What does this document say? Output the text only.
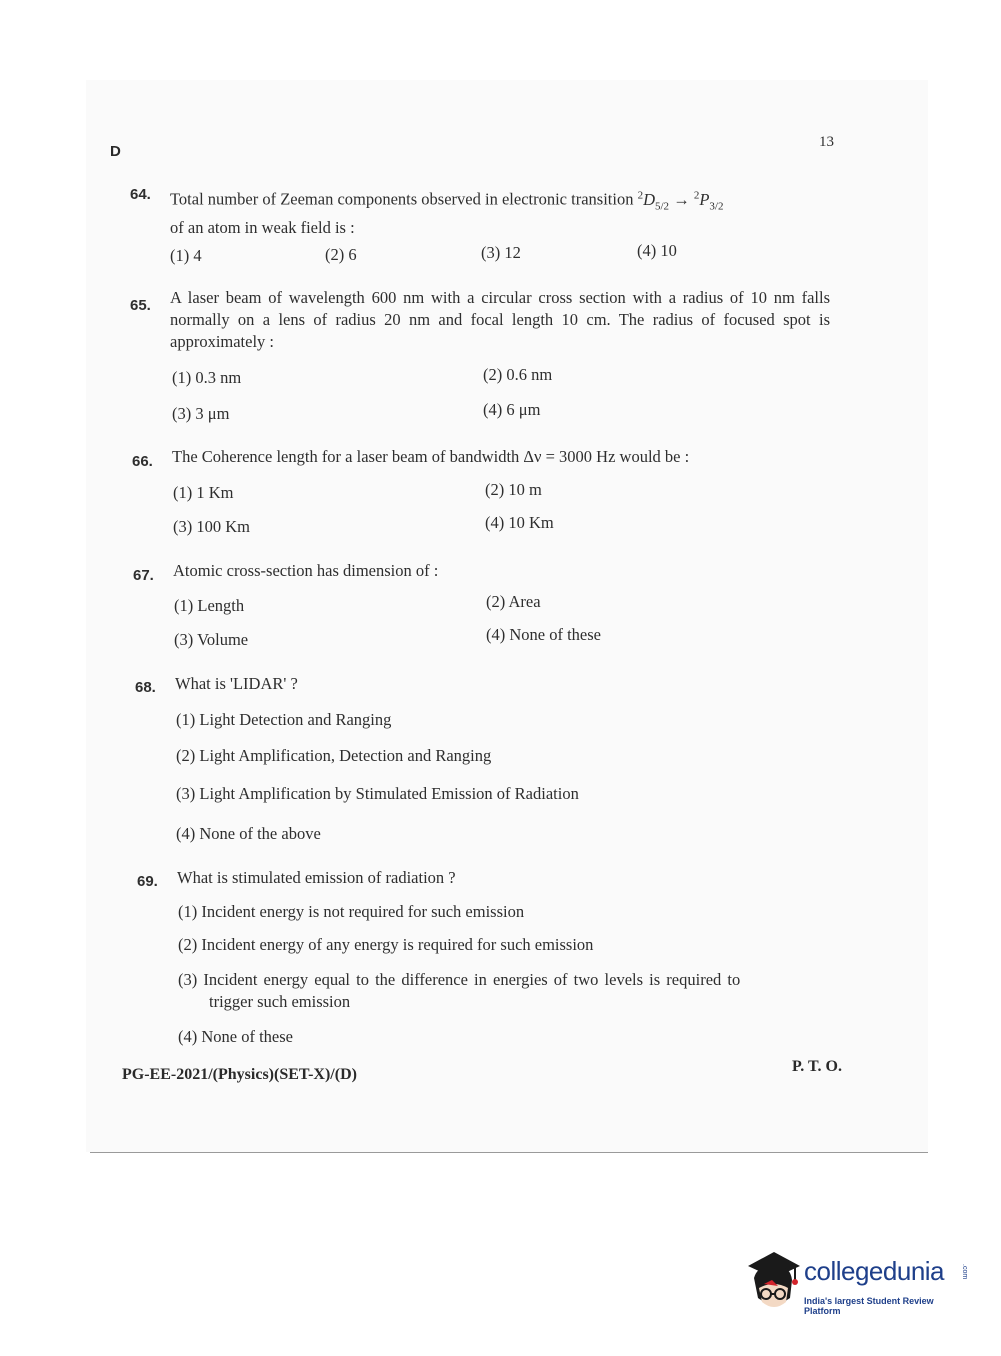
D
13
64. Total number of Zeeman components observed in electronic transition $^2D_{5/2} \to ^2P_{3/2}$
of an atom in weak field is :
(1) 4	(2) 6	(3) 12	(4) 10
65. A laser beam of wavelength 600 nm with a circular cross section with a radius of 10 nm falls normally on a lens of radius 20 nm and focal length 10 cm. The radius of focused spot is approximately :
(1) 0.3 nm	(2) 0.6 nm
(3) 3 μm	(4) 6 μm
66. The Coherence length for a laser beam of bandwidth Δν = 3000 Hz would be :
(1) 1 Km	(2) 10 m
(3) 100 Km	(4) 10 Km
67. Atomic cross-section has dimension of :
(1) Length	(2) Area
(3) Volume	(4) None of these
68. What is 'LIDAR' ?
(1) Light Detection and Ranging
(2) Light Amplification, Detection and Ranging
(3) Light Amplification by Stimulated Emission of Radiation
(4) None of the above
69. What is stimulated emission of radiation ?
(1) Incident energy is not required for such emission
(2) Incident energy of any energy is required for such emission
(3) Incident energy equal to the difference in energies of two levels is required to
trigger such emission
(4) None of these
PG-EE-2021/(Physics)(SET-X)/(D)	P. T. O.
collegedunia .com
India's largest Student Review Platform
